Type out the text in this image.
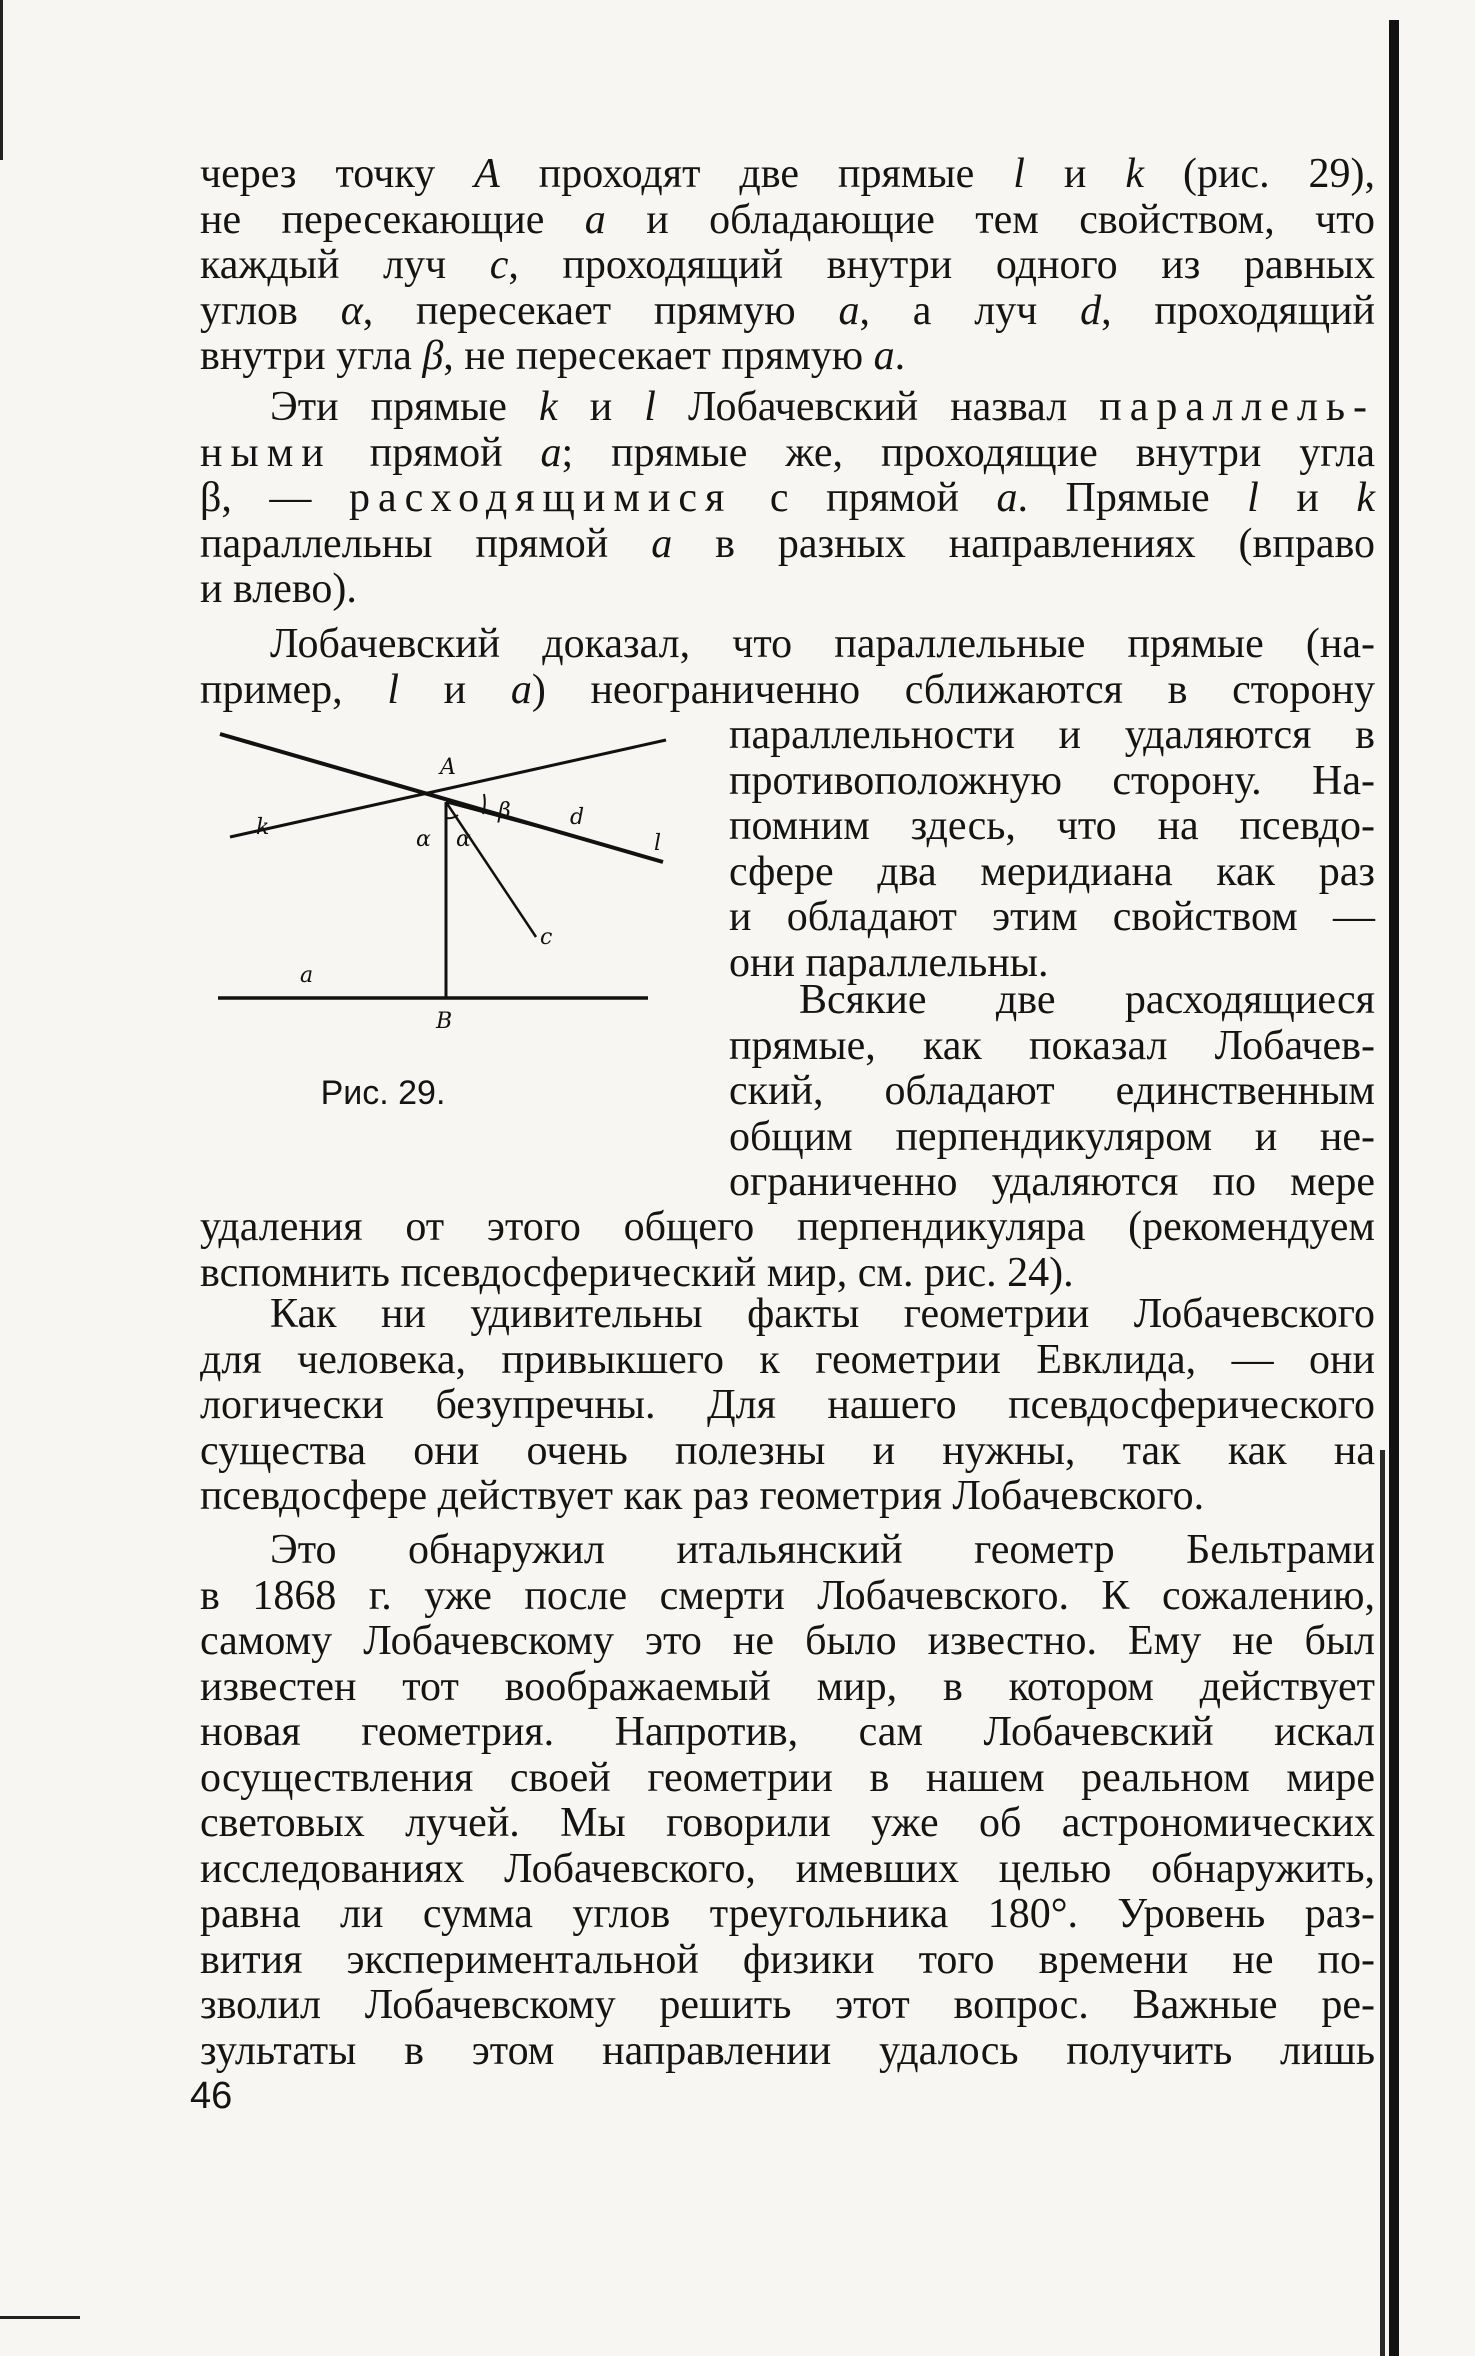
через точку A проходят две прямые l и k (рис. 29),

не пересекающие a и обладающие тем свойством, что

каждый луч c, проходящий внутри одного из равных

углов α, пересекает прямую a, а луч d, проходящий

внутри угла β, не пересекает прямую a.

Эти прямые k и l Лобачевский назвал параллель-

ными прямой a; прямые же, проходящие внутри угла

β, — расходящимися с прямой a. Прямые l и k

параллельны прямой a в разных направлениях (вправо

и влево).

Лобачевский доказал, что параллельные прямые (на-

пример, l и a) неограниченно сближаются в сторону

параллельности и удаляются в

противоположную сторону. На-

помним здесь, что на псевдо-

сфере два меридиана как раз

и обладают этим свойством —

они параллельны.

Всякие две расходящиеся

прямые, как показал Лобачев-

ский, обладают единственным

общим перпендикуляром и не-

ограниченно удаляются по мере

удаления от этого общего перпендикуляра (рекомендуем

вспомнить псевдосферический мир, см. рис. 24).

Как ни удивительны факты геометрии Лобачевского

для человека, привыкшего к геометрии Евклида, — они

логически безупречны. Для нашего псевдосферического

существа они очень полезны и нужны, так как на

псевдосфере действует как раз геометрия Лобачевского.

Это обнаружил итальянский геометр Бельтрами

в 1868 г. уже после смерти Лобачевского. К сожалению,

самому Лобачевскому это не было известно. Ему не был

известен тот воображаемый мир, в котором действует

новая геометрия. Напротив, сам Лобачевский искал

осуществления своей геометрии в нашем реальном мире

световых лучей. Мы говорили уже об астрономических

исследованиях Лобачевского, имевших целью обнаружить,

равна ли сумма углов треугольника 180°. Уровень раз-

вития экспериментальной физики того времени не по-

зволил Лобачевскому решить этот вопрос. Важные ре-

зультаты в этом направлении удалось получить лишь

A
k
l
α α
β	d
c
a
B
Рис. 29.
46
